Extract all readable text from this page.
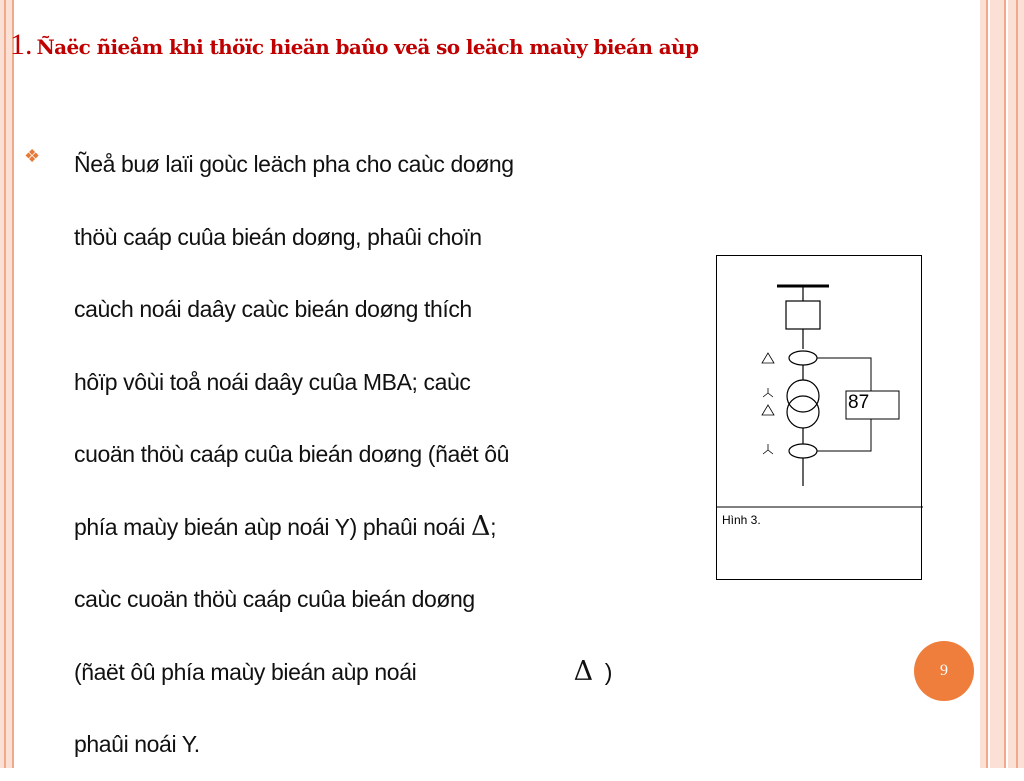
1. Ñaëc ñieåm khi thöïc hieän baûo veä so leäch maùy bieán aùp
❖ Ñeå buø laïi goùc leäch pha cho caùc doøng
thöù caáp cuûa bieán doøng, phaûi choïn
caùch noái daây caùc bieán doøng thích
hôïp vôùi toå noái daây cuûa MBA; caùc
cuoän thöù caáp cuûa bieán doøng (ñaët ôû
phía maùy bieán aùp noái Y) phaûi noái Δ;
caùc cuoän thöù caáp cuûa bieán doøng
(ñaët ôû phía maùy bieán aùp noái	Δ )
phaûi noái Y.
87
Hình 3.
9
